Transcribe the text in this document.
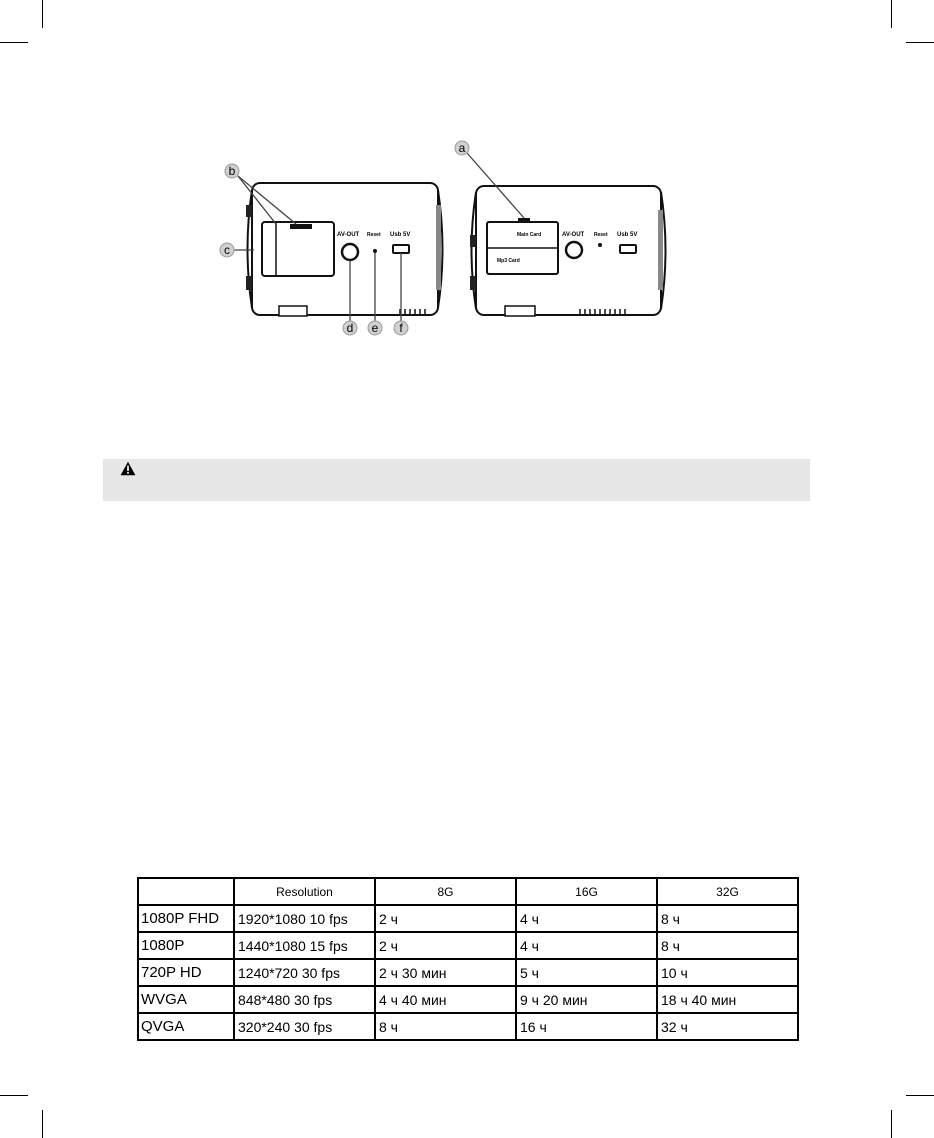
AV-OUT Reset Usb 5V	Main Card
Mp3 Card
AV-OUT Reset Usb 5V
a
b
c
d e f
	Resolution	8G	16G	32G
1080P FHD	1920*1080 10 fps	2 ч	4 ч	8 ч
1080P	1440*1080 15 fps	2 ч	4 ч	8 ч
720P HD	1240*720 30 fps	2 ч 30 мин	5 ч	10 ч
WVGA	848*480 30 fps	4 ч 40 мин	9 ч 20 мин	18 ч 40 мин
QVGA	320*240 30 fps	8 ч	16 ч	32 ч
